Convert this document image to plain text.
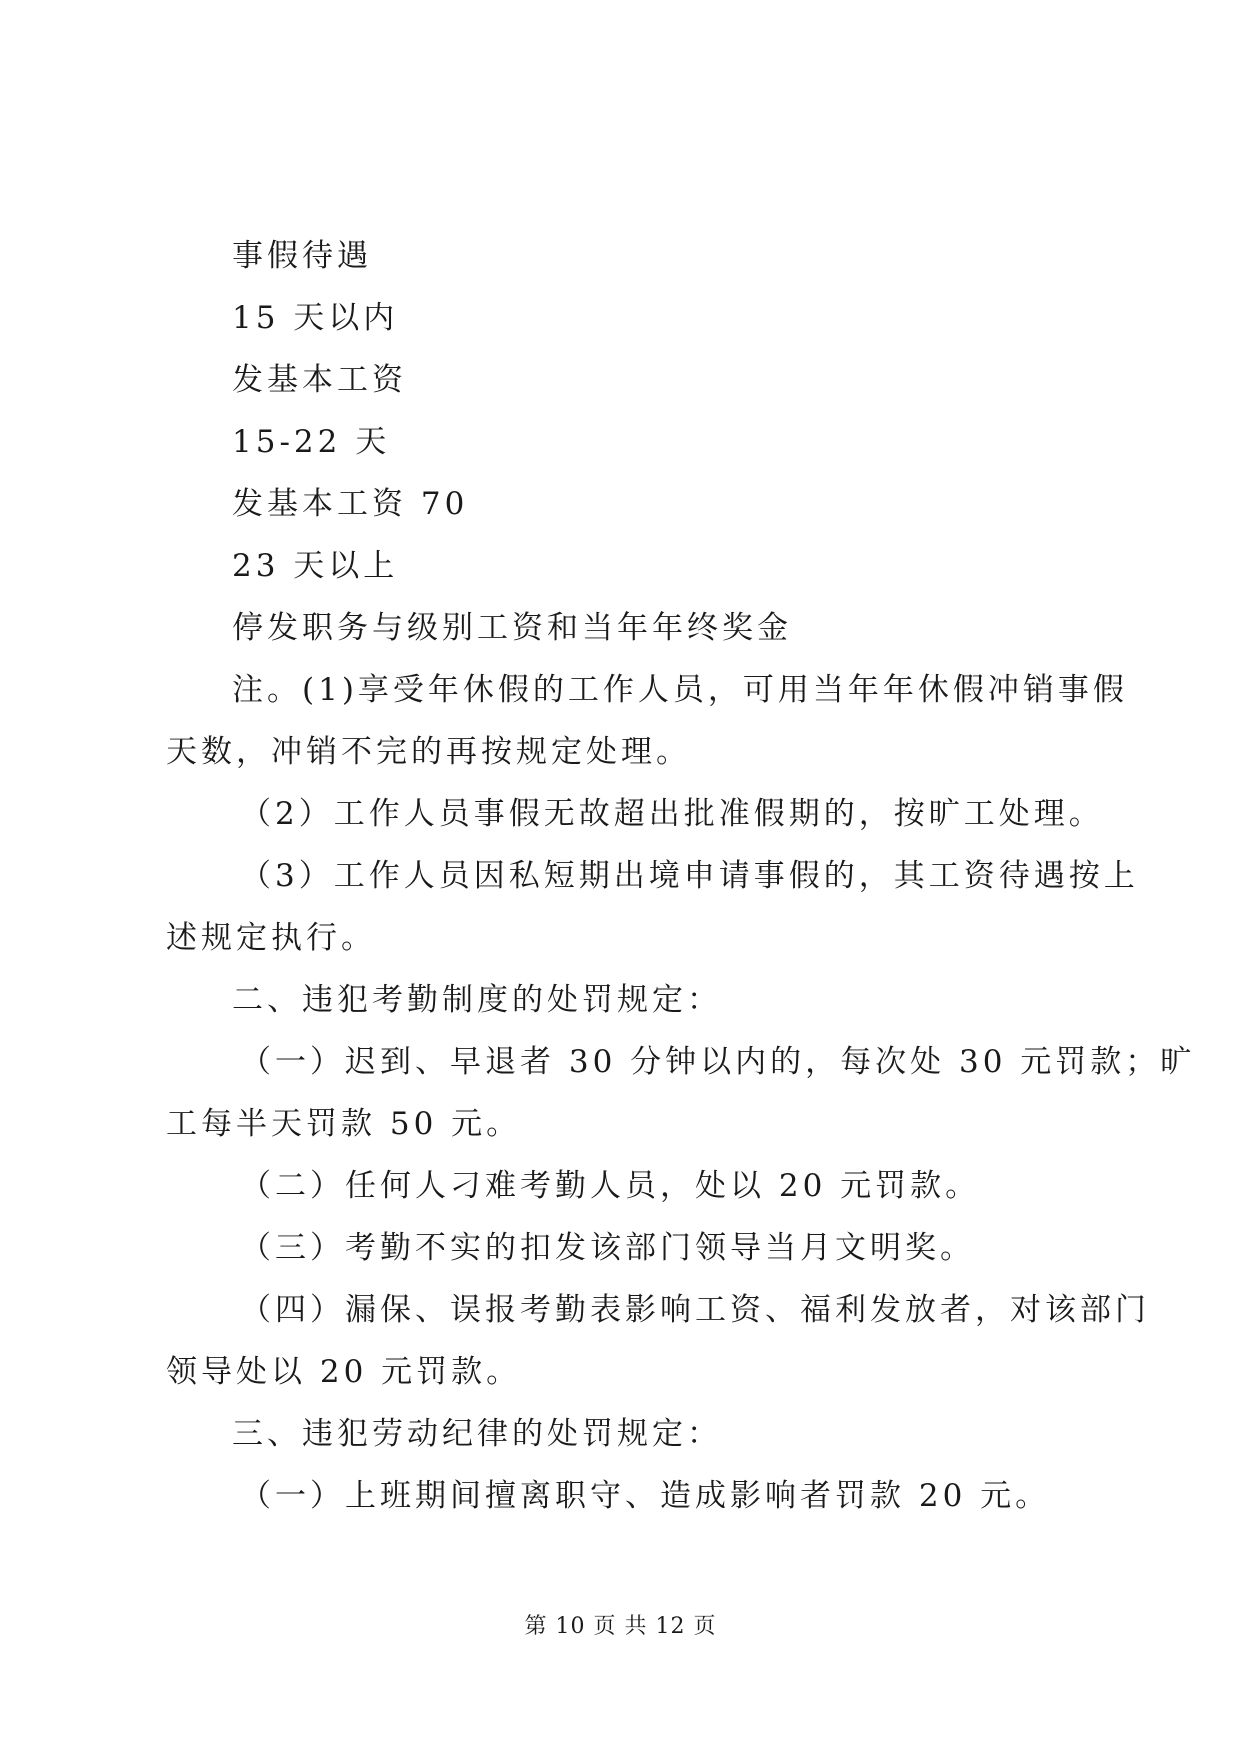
事假待遇
15 天以内
发基本工资
15-22 天
发基本工资 70
23 天以上
停发职务与级别工资和当年年终奖金
注。(1)享受年休假的工作人员，可用当年年休假冲销事假
天数，冲销不完的再按规定处理。
（2）工作人员事假无故超出批准假期的，按旷工处理。
（3）工作人员因私短期出境申请事假的，其工资待遇按上
述规定执行。
二、违犯考勤制度的处罚规定：
（一）迟到、早退者 30 分钟以内的，每次处 30 元罚款；旷
工每半天罚款 50 元。
（二）任何人刁难考勤人员，处以 20 元罚款。
（三）考勤不实的扣发该部门领导当月文明奖。
（四）漏保、误报考勤表影响工资、福利发放者，对该部门
领导处以 20 元罚款。
三、违犯劳动纪律的处罚规定：
（一）上班期间擅离职守、造成影响者罚款 20 元。
第 10 页 共 12 页
